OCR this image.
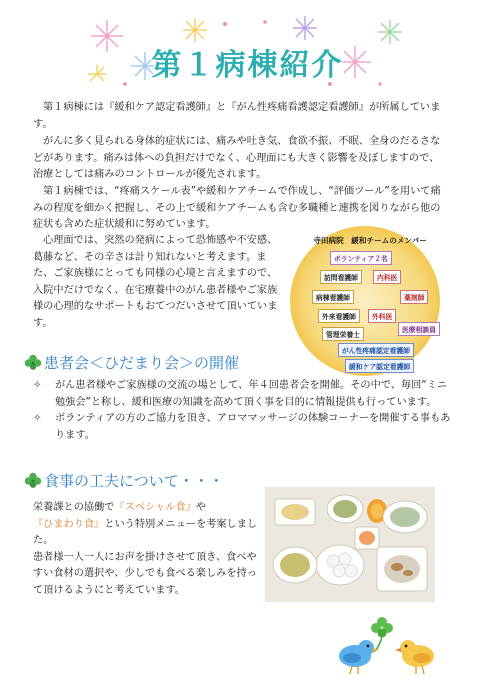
第１病棟紹介

第１病棟には『緩和ケア認定看護師』と『がん性疼痛看護認定看護師』が所属しています。

がんに多く見られる身体的症状には、痛みや吐き気、食欲不振、不眠、全身のだるさなどがあります。痛みは体への負担だけでなく、心理面にも大きく影響を及ぼしますので、治療としては痛みのコントロールが優先されます。

第１病棟では、“疼痛スケール表”や緩和ケアチームで作成し、“評価ツール”を用いて痛みの程度を細かく把握し、その上で緩和ケアチームも含む多職種と連携を図りながら他の症状も含めた症状緩和に努めています。

心理面では、突然の発病によって恐怖感や不安感、葛藤など、その辛さは計り知れないと考えます。また、ご家族様にとっても同様の心境と言えますので、入院中だけでなく、在宅療養中のがん患者様やご家族様の心理的なサポートもおてつだいさせて頂いています。

寺田病院　緩和チームのメンバー
ボランティア２名
訪問看護師	内科医
病棟看護師	薬剤師
外来看護師	外科医
医療相談員
管理栄養士
がん性疼痛認定看護師
緩和ケア認定看護師
患者会＜ひだまり会＞の開催
✧	がん患者様やご家族様の交流の場として、年４回患者会を開催。その中で、毎回“ミニ勉強会”と称し、緩和医療の知識を高めて頂く事を目的に情報提供も行っています。
✧	ボランティアの方のご協力を頂き、アロママッサージの体験コーナーを開催する事もあります。
食事の工夫について・・・

栄養課との協働で『スペシャル食』や
『ひまわり食』という特別メニューを考案しました。
患者様一人一人にお声を掛けさせて頂き、食べやすい食材の選択や、少しでも食べる楽しみを持って頂けるようにと考えています。
